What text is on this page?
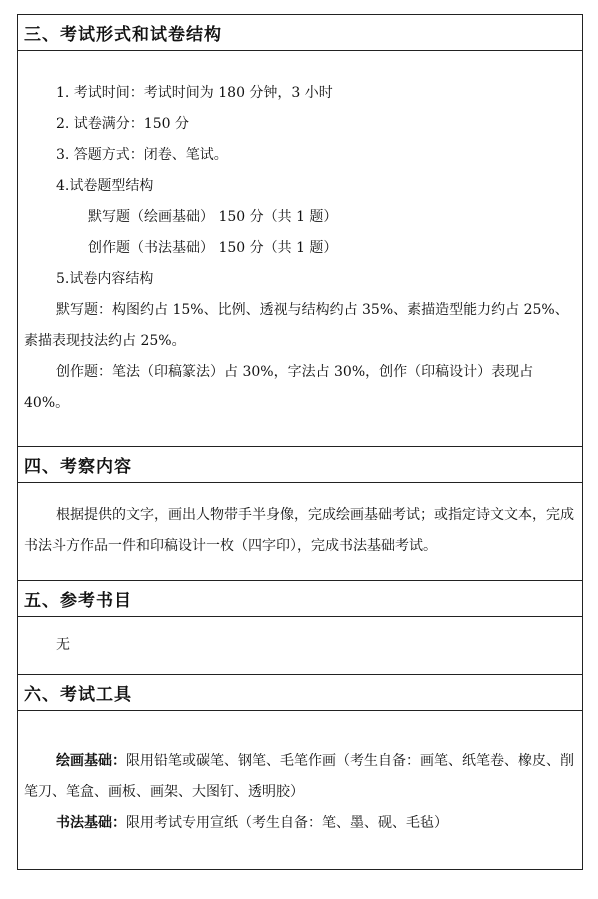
三、考试形式和试卷结构
1. 考试时间：考试时间为 180 分钟，3 小时
2. 试卷满分：150 分
3. 答题方式：闭卷、笔试。
4.试卷题型结构
默写题（绘画基础） 150 分（共 1 题）
创作题（书法基础） 150 分（共 1 题）
5.试卷内容结构
默写题：构图约占 15%、比例、透视与结构约占 35%、素描造型能力约占 25%、素描表现技法约占 25%。
创作题：笔法（印稿篆法）占 30%，字法占 30%，创作（印稿设计）表现占 40%。
四、考察内容
根据提供的文字，画出人物带手半身像，完成绘画基础考试；或指定诗文文本，完成书法斗方作品一件和印稿设计一枚（四字印），完成书法基础考试。
五、参考书目
无
六、考试工具
绘画基础：限用铅笔或碳笔、钢笔、毛笔作画（考生自备：画笔、纸笔卷、橡皮、削笔刀、笔盒、画板、画架、大图钉、透明胶）
书法基础：限用考试专用宣纸（考生自备：笔、墨、砚、毛毡）
